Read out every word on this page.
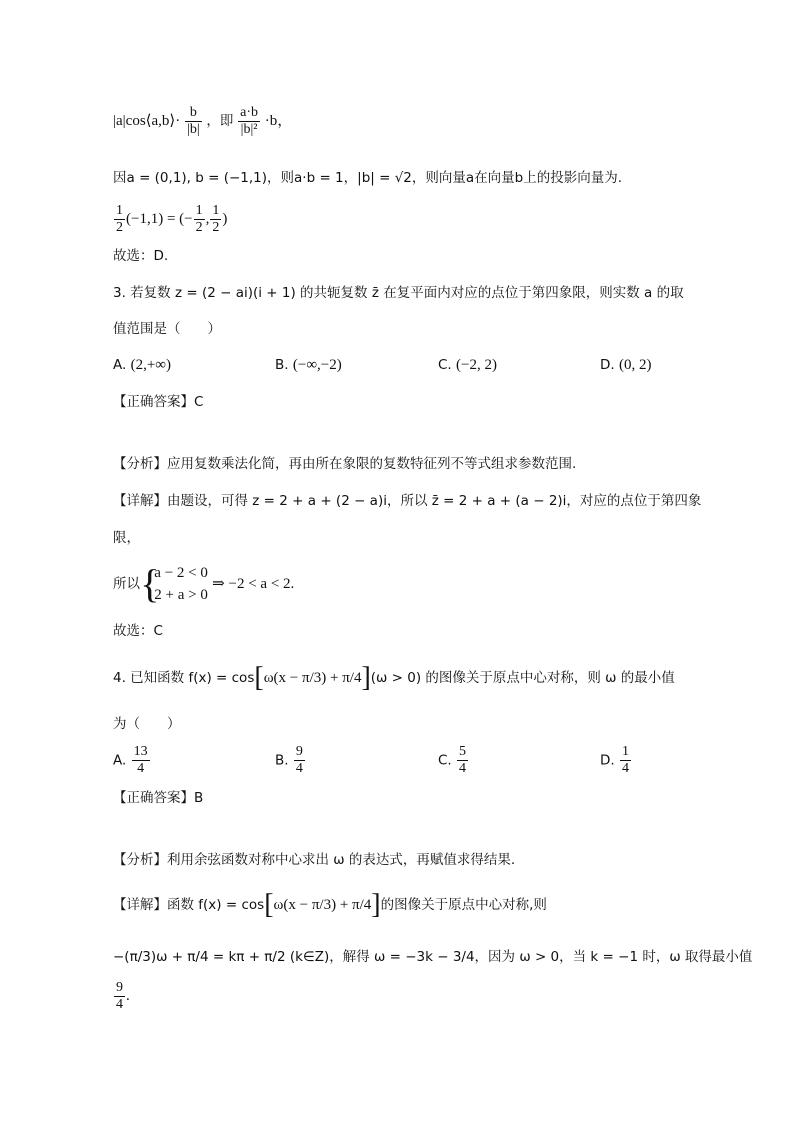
|a|cos⟨a,b⟩· $\frac{b}{|b|}$ ，即 $\frac{a\cdot b}{\text{|b|²}} \cdot b$，
因a = (0,1), b = (−1,1)，则a·b = 1，|b| = √2，则向量a在向量b上的投影向量为.
$\frac{1}{2} (-1,1)$ = (− $\frac{1}{2}$ , $\frac{1}{2}$ )
故选：D.
3. 若复数 z = (2 − ai)(i + 1) 的共轭复数 z̄ 在复平面内对应的点位于第四象限，则实数 a 的取
值范围是（　　）
A. (2,+∞)	B. (−∞,−2)	C. (−2, 2)	D. (0, 2)
【正确答案】C
【分析】应用复数乘法化简，再由所在象限的复数特征列不等式组求参数范围.
【详解】由题设，可得 z = 2 + a + (2 − a)i，所以 z̄ = 2 + a + (a − 2)i，对应的点位于第四象
限，
所以
{ a − 2 < 0
2 + a > 0
⇒ −2 < a < 2.
故选：C
4. 已知函数 f(x) = cos[ω(x − π/3) + π/4](ω > 0) 的图像关于原点中心对称，则 ω 的最小值
为（　　）
A. $\frac{13}{4}$	B. $\frac{9}{4}$	C. $\frac{5}{4}$	D. $\frac{1}{4}$
【正确答案】B
【分析】利用余弦函数对称中心求出 ω 的表达式，再赋值求得结果.
【详解】函数 f(x) = cos[ω(x − π/3) + π/4]的图像关于原点中心对称,则
−(π/3)ω + π/4 = kπ + π/2 (k∈Z)，解得 ω = −3k − 3/4，因为 ω > 0，当 k = −1 时，ω 取得最小值
$\frac{9}{4}$ .
